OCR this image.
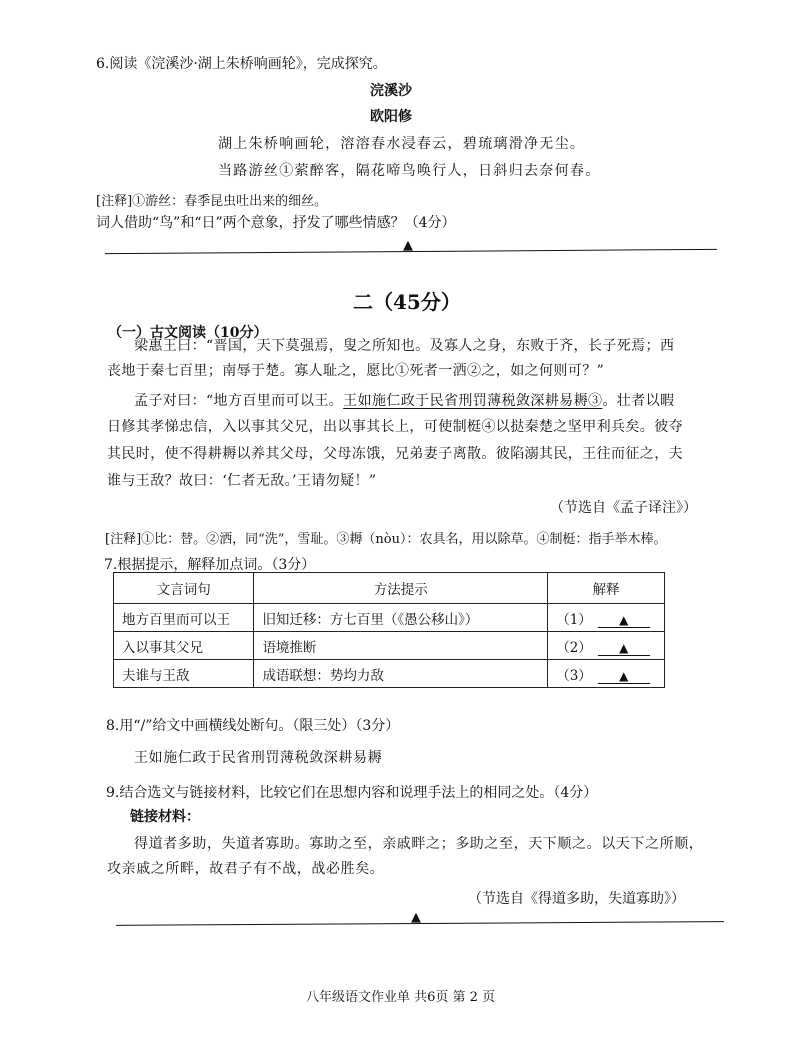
6.阅读《浣溪沙·湖上朱桥响画轮》，完成探究。
浣溪沙
欧阳修
湖上朱桥响画轮，溶溶春水浸春云，碧琉璃滑净无尘。
当路游丝①萦醉客，隔花啼鸟唤行人，日斜归去奈何春。
[注释]①游丝：春季昆虫吐出来的细丝。
词人借助“鸟”和“日”两个意象，抒发了哪些情感？（4分）
▲
二（45分）
（一）古文阅读（10分）
梁惠王曰：“晋国，天下莫强焉，叟之所知也。及寡人之身，东败于齐，长子死焉；西
丧地于秦七百里；南辱于楚。寡人耻之，愿比①死者一洒②之，如之何则可？”
孟子对曰：“地方百里而可以王。王如施仁政于民省刑罚薄税敛深耕易耨③。壮者以暇
日修其孝悌忠信，入以事其父兄，出以事其长上，可使制梃④以挞秦楚之坚甲利兵矣。彼夺
其民时，使不得耕耨以养其父母，父母冻饿，兄弟妻子离散。彼陷溺其民，王往而征之，夫
谁与王敌？故曰：‘仁者无敌。’王请勿疑！”
（节选自《孟子译注》）
[注释]①比：替。②洒，同“洗”，雪耻。③耨（nòu）：农具名，用以除草。④制梃：指手举木棒。
7.根据提示，解释加点词。（3分）
文言词句	方法提示	解释
地方百里而可以王	旧知迁移：方七百里（《愚公移山》）	（1） ▲
入以事其父兄	语境推断	（2） ▲
夫谁与王敌	成语联想：势均力敌	（3） ▲
8.用“/”给文中画横线处断句。（限三处）（3分）
王如施仁政于民省刑罚薄税敛深耕易耨
9.结合选文与链接材料，比较它们在思想内容和说理手法上的相同之处。（4分）
链接材料：
得道者多助，失道者寡助。寡助之至，亲戚畔之；多助之至，天下顺之。以天下之所顺，
攻亲戚之所畔，故君子有不战，战必胜矣。
（节选自《得道多助，失道寡助》）
▲
八年级语文作业单 共6页 第 2 页
